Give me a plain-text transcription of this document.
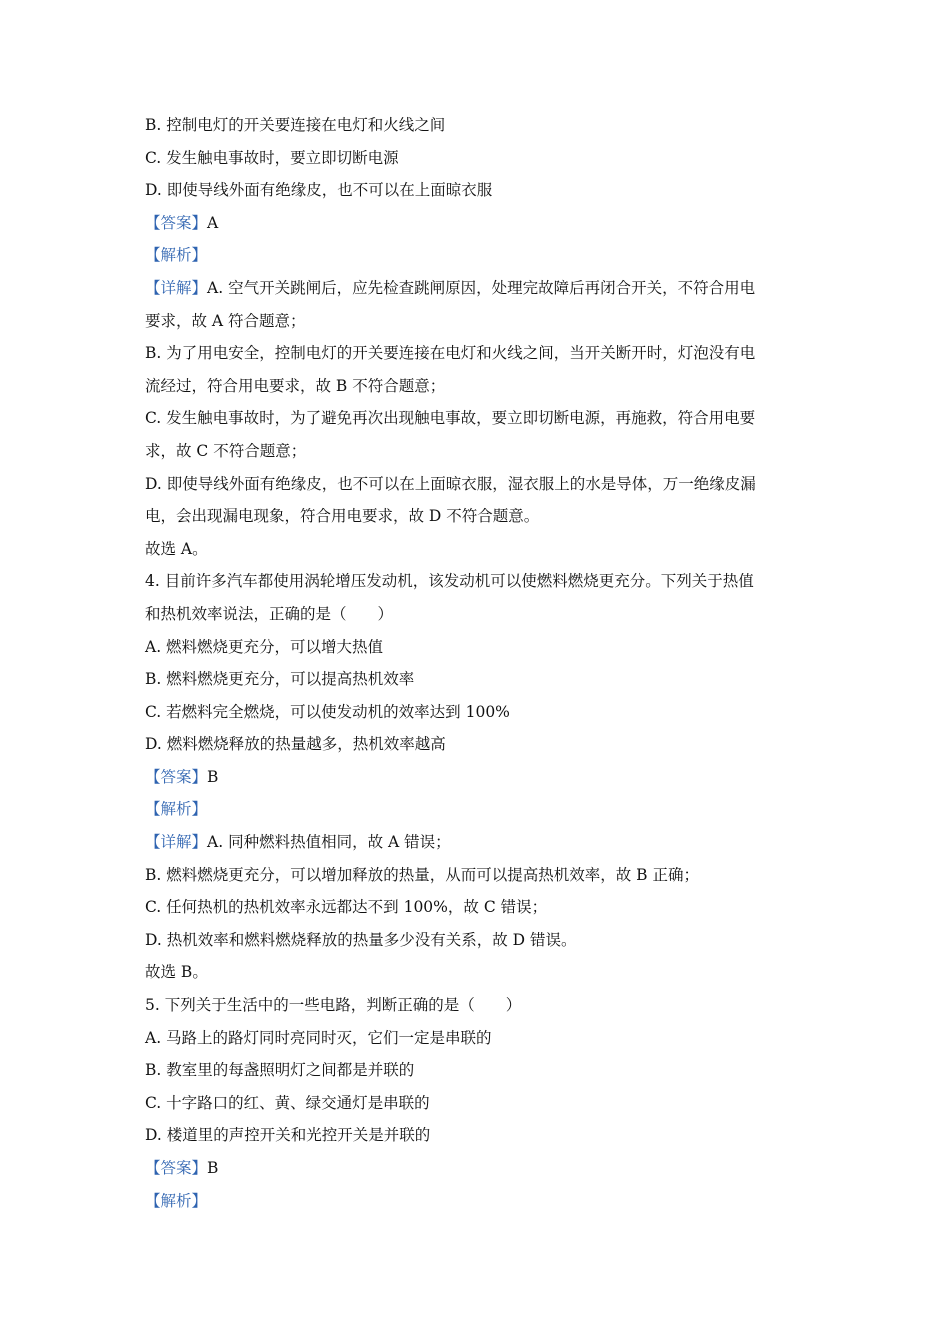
B. 控制电灯的开关要连接在电灯和火线之间
C. 发生触电事故时，要立即切断电源
D. 即使导线外面有绝缘皮，也不可以在上面晾衣服
【答案】A
【解析】
【详解】A. 空气开关跳闸后，应先检查跳闸原因，处理完故障后再闭合开关，不符合用电
要求，故 A 符合题意；
B. 为了用电安全，控制电灯的开关要连接在电灯和火线之间，当开关断开时，灯泡没有电
流经过，符合用电要求，故 B 不符合题意；
C. 发生触电事故时，为了避免再次出现触电事故，要立即切断电源，再施救，符合用电要
求，故 C 不符合题意；
D. 即使导线外面有绝缘皮，也不可以在上面晾衣服，湿衣服上的水是导体，万一绝缘皮漏
电，会出现漏电现象，符合用电要求，故 D 不符合题意。
故选 A。
4. 目前许多汽车都使用涡轮增压发动机，该发动机可以使燃料燃烧更充分。下列关于热值
和热机效率说法，正确的是（　　）
A. 燃料燃烧更充分，可以增大热值
B. 燃料燃烧更充分，可以提高热机效率
C. 若燃料完全燃烧，可以使发动机的效率达到 100%
D. 燃料燃烧释放的热量越多，热机效率越高
【答案】B
【解析】
【详解】A. 同种燃料热值相同，故 A 错误；
B. 燃料燃烧更充分，可以增加释放的热量，从而可以提高热机效率，故 B 正确；
C. 任何热机的热机效率永远都达不到 100%，故 C 错误；
D. 热机效率和燃料燃烧释放的热量多少没有关系，故 D 错误。
故选 B。
5. 下列关于生活中的一些电路，判断正确的是（　　）
A. 马路上的路灯同时亮同时灭，它们一定是串联的
B. 教室里的每盏照明灯之间都是并联的
C. 十字路口的红、黄、绿交通灯是串联的
D. 楼道里的声控开关和光控开关是并联的
【答案】B
【解析】
